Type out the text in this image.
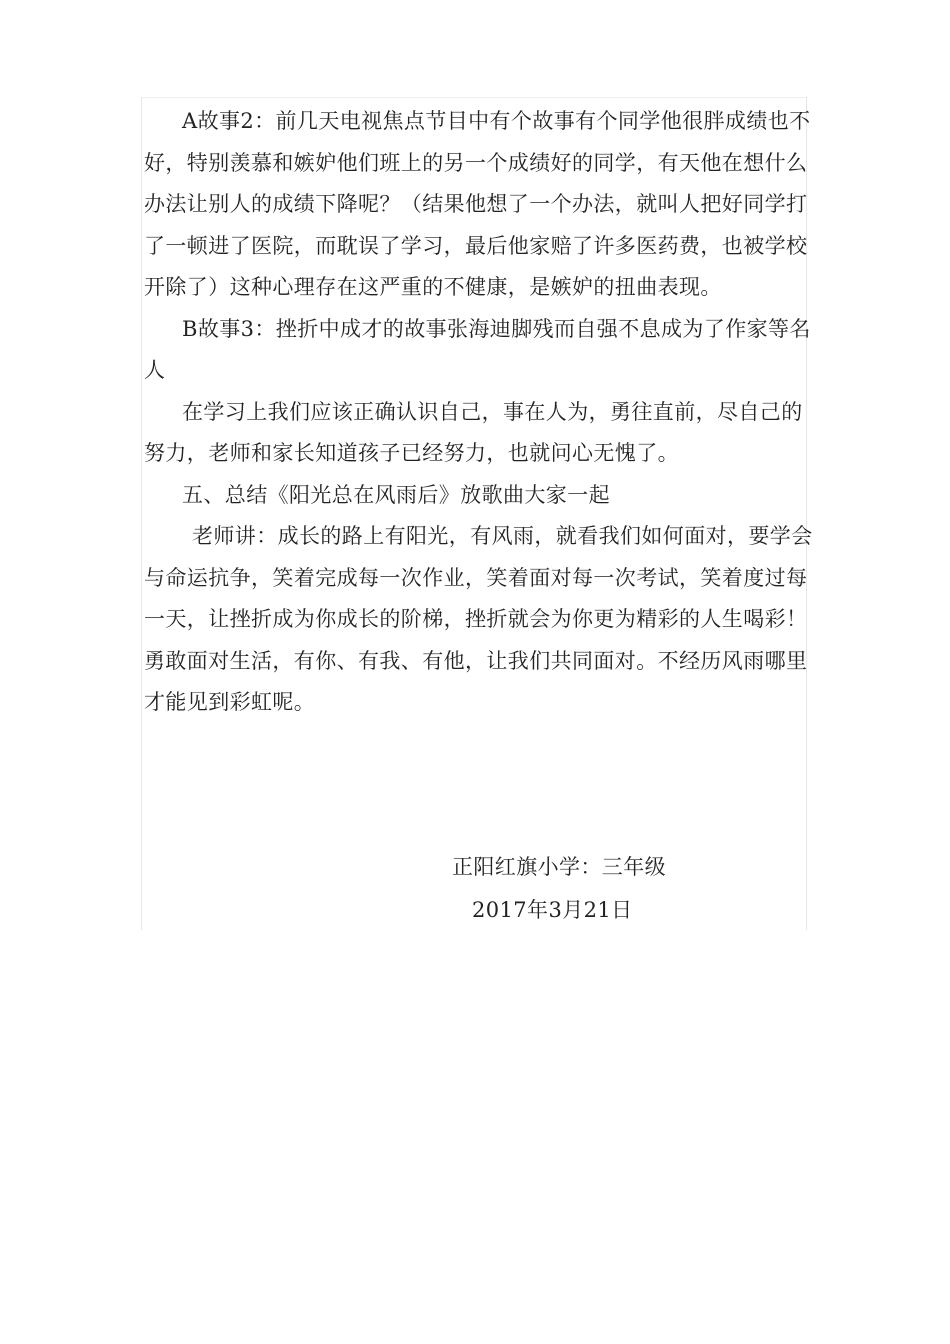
A故事2：前几天电视焦点节目中有个故事有个同学他很胖成绩也不好，特别羡慕和嫉妒他们班上的另一个成绩好的同学，有天他在想什么办法让别人的成绩下降呢？（结果他想了一个办法，就叫人把好同学打了一顿进了医院，而耽误了学习，最后他家赔了许多医药费，也被学校开除了）这种心理存在这严重的不健康，是嫉妒的扭曲表现。

B故事3：挫折中成才的故事张海迪脚残而自强不息成为了作家等名人

在学习上我们应该正确认识自己，事在人为，勇往直前，尽自己的努力，老师和家长知道孩子已经努力，也就问心无愧了。

五、总结《阳光总在风雨后》放歌曲大家一起

老师讲：成长的路上有阳光，有风雨，就看我们如何面对，要学会与命运抗争，笑着完成每一次作业，笑着面对每一次考试，笑着度过每一天，让挫折成为你成长的阶梯，挫折就会为你更为精彩的人生喝彩！勇敢面对生活，有你、有我、有他，让我们共同面对。不经历风雨哪里才能见到彩虹呢。

正阳红旗小学：三年级
2017年3月21日
